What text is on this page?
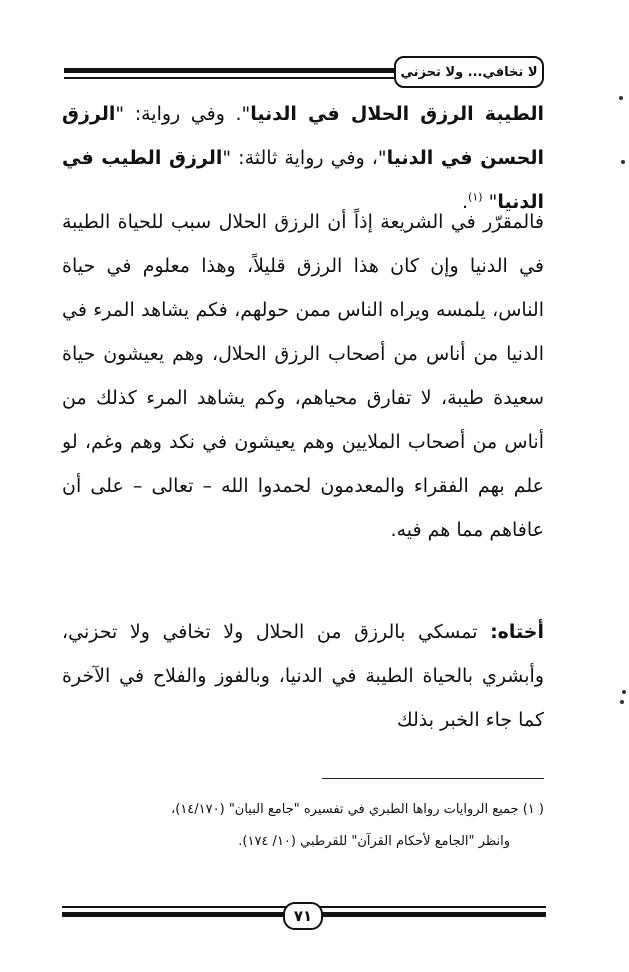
لا تخافي... ولا تحزني

الطيبة الرزق الحلال في الدنيا". وفي رواية: "الرزق الحسن في الدنيا"، وفي رواية ثالثة: "الرزق الطيب في الدنيا" $^{(١)}$.

فالمقرّر في الشريعة إذاً أن الرزق الحلال سبب للحياة الطيبة في الدنيا وإن كان هذا الرزق قليلاً، وهذا معلوم في حياة الناس، يلمسه ويراه الناس ممن حولهم، فكم يشاهد المرء في الدنيا من أناس من أصحاب الرزق الحلال، وهم يعيشون حياة سعيدة طيبة، لا تفارق محياهم، وكم يشاهد المرء كذلك من أناس من أصحاب الملايين وهم يعيشون في نكد وهم وغم، لو علم بهم الفقراء والمعدمون لحمدوا الله – تعالى – على أن عافاهم مما هم فيه.

أختاه: تمسكي بالرزق من الحلال ولا تخافي ولا تحزني، وأبشري بالحياة الطيبة في الدنيا، وبالفوز والفلاح في الآخرة كما جاء الخبر بذلك

( ١) جميع الروايات رواها الطبري في تفسيره "جامع البيان" (١٤/١٧٠)،

وانظر "الجامع لأحكام القرآن" للقرطبي (١٠/ ١٧٤).

٧١
